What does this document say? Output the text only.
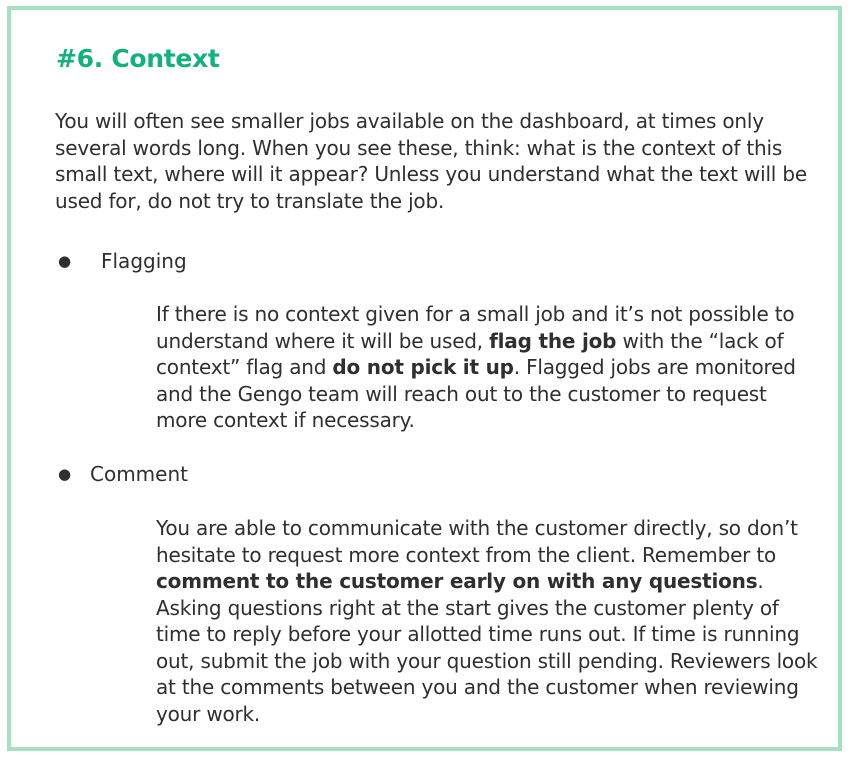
#6. Context

You will often see smaller jobs available on the dashboard, at times only several words long. When you see these, think: what is the context of this small text, where will it appear? Unless you understand what the text will be used for, do not try to translate the job.

● Flagging

If there is no context given for a small job and it’s not possible to understand where it will be used, flag the job with the “lack of context” flag and do not pick it up. Flagged jobs are monitored and the Gengo team will reach out to the customer to request more context if necessary.

● Comment

You are able to communicate with the customer directly, so don’t hesitate to request more context from the client. Remember to comment to the customer early on with any questions. Asking questions right at the start gives the customer plenty of time to reply before your allotted time runs out. If time is running out, submit the job with your question still pending. Reviewers look at the comments between you and the customer when reviewing your work.
